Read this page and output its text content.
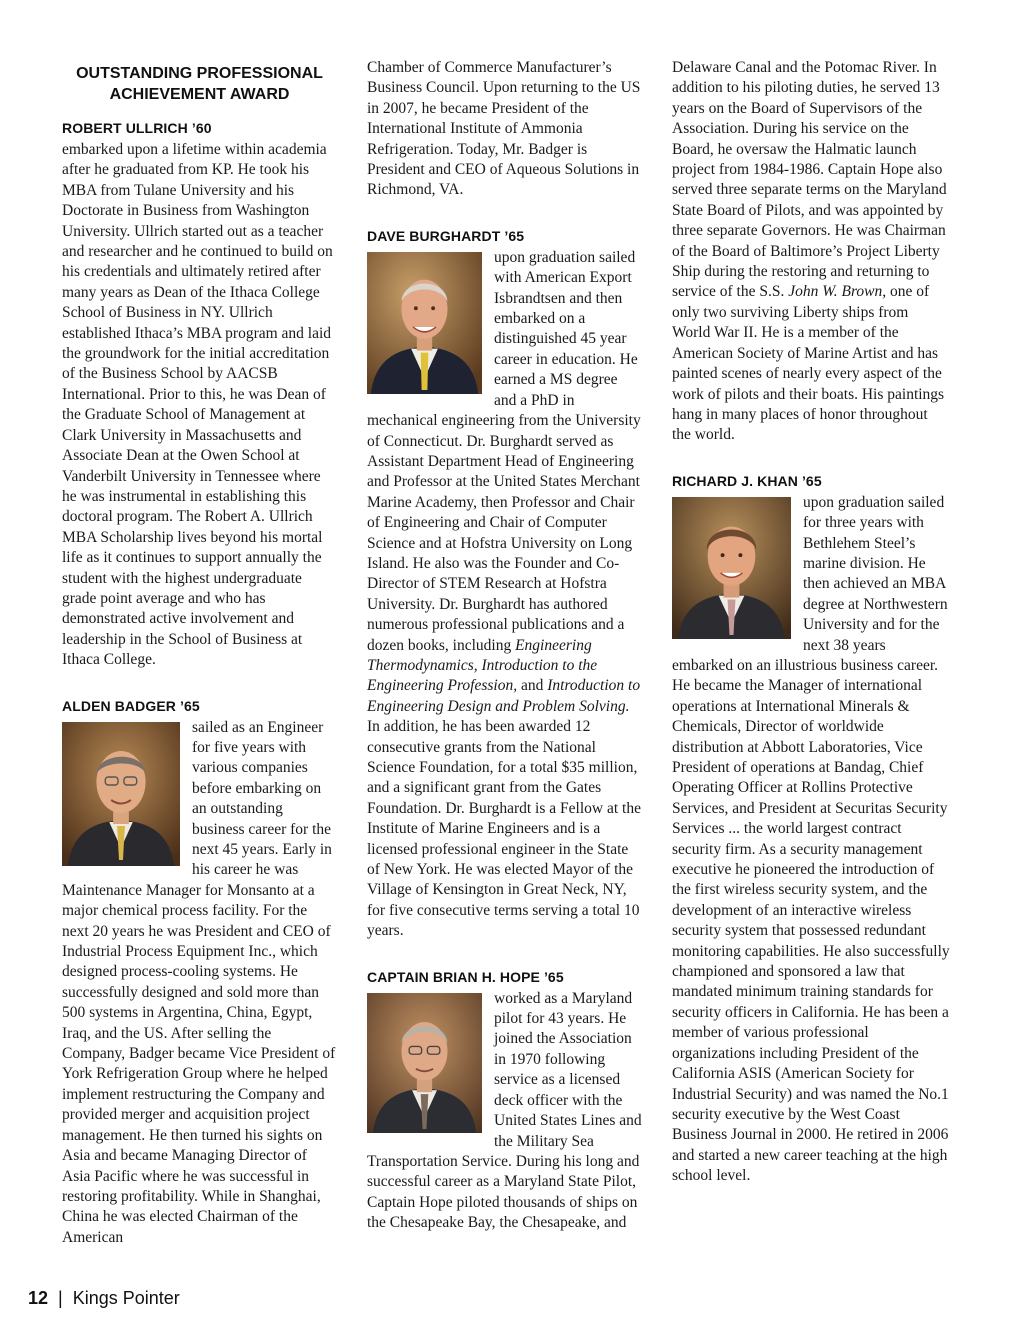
OUTSTANDING PROFESSIONAL ACHIEVEMENT AWARD
ROBERT ULLRICH ’60

embarked upon a lifetime within academia after he graduated from KP. He took his MBA from Tulane University and his Doctorate in Business from Washington University. Ullrich started out as a teacher and researcher and he continued to build on his credentials and ultimately retired after many years as Dean of the Ithaca College School of Business in NY. Ullrich established Ithaca’s MBA program and laid the groundwork for the initial accreditation of the Business School by AACSB International. Prior to this, he was Dean of the Graduate School of Management at Clark University in Massachusetts and Associate Dean at the Owen School at Vanderbilt University in Tennessee where he was instrumental in establishing this doctoral program. The Robert A. Ullrich MBA Scholarship lives beyond his mortal life as it continues to support annually the student with the highest undergraduate grade point average and who has demonstrated active involvement and leadership in the School of Business at Ithaca College.

ALDEN BADGER ’65

sailed as an Engineer for five years with various companies before embarking on an outstanding business career for the next 45 years. Early in his career he was Maintenance Manager for Monsanto at a major chemical process facility. For the next 20 years he was President and CEO of Industrial Process Equipment Inc., which designed process-cooling systems. He successfully designed and sold more than 500 systems in Argentina, China, Egypt, Iraq, and the US. After selling the Company, Badger became Vice President of York Refrigeration Group where he helped implement restructuring the Company and provided merger and acquisition project management. He then turned his sights on Asia and became Managing Director of Asia Pacific where he was successful in restoring profitability. While in Shanghai, China he was elected Chairman of the American

Chamber of Commerce Manufacturer’s Business Council. Upon returning to the US in 2007, he became President of the International Institute of Ammonia Refrigeration. Today, Mr. Badger is President and CEO of Aqueous Solutions in Richmond, VA.

DAVE BURGHARDT ’65

upon graduation sailed with American Export Isbrandtsen and then embarked on a distinguished 45 year career in education. He earned a MS degree and a PhD in mechanical engineering from the University of Connecticut. Dr. Burghardt served as Assistant Department Head of Engineering and Professor at the United States Merchant Marine Academy, then Professor and Chair of Engineering and Chair of Computer Science and at Hofstra University on Long Island. He also was the Founder and Co-Director of STEM Research at Hofstra University. Dr. Burghardt has authored numerous professional publications and a dozen books, including Engineering Thermodynamics, Introduction to the Engineering Profession, and Introduction to Engineering Design and Problem Solving. In addition, he has been awarded 12 consecutive grants from the National Science Foundation, for a total $35 million, and a significant grant from the Gates Foundation. Dr. Burghardt is a Fellow at the Institute of Marine Engineers and is a licensed professional engineer in the State of New York. He was elected Mayor of the Village of Kensington in Great Neck, NY, for five consecutive terms serving a total 10 years.

CAPTAIN BRIAN H. HOPE ’65

worked as a Maryland pilot for 43 years. He joined the Association in 1970 following service as a licensed deck officer with the United States Lines and the Military Sea Transportation Service. During his long and successful career as a Maryland State Pilot, Captain Hope piloted thousands of ships on the Chesapeake Bay, the Chesapeake, and

Delaware Canal and the Potomac River. In addition to his piloting duties, he served 13 years on the Board of Supervisors of the Association. During his service on the Board, he oversaw the Halmatic launch project from 1984-1986. Captain Hope also served three separate terms on the Maryland State Board of Pilots, and was appointed by three separate Governors. He was Chairman of the Board of Baltimore’s Project Liberty Ship during the restoring and returning to service of the S.S. John W. Brown, one of only two surviving Liberty ships from World War II. He is a member of the American Society of Marine Artist and has painted scenes of nearly every aspect of the work of pilots and their boats. His paintings hang in many places of honor throughout the world.

RICHARD J. KHAN ’65

upon graduation sailed for three years with Bethlehem Steel’s marine division. He then achieved an MBA degree at Northwestern University and for the next 38 years embarked on an illustrious business career. He became the Manager of international operations at International Minerals & Chemicals, Director of worldwide distribution at Abbott Laboratories, Vice President of operations at Bandag, Chief Operating Officer at Rollins Protective Services, and President at Securitas Security Services ... the world largest contract security firm. As a security management executive he pioneered the introduction of the first wireless security system, and the development of an interactive wireless security system that possessed redundant monitoring capabilities. He also successfully championed and sponsored a law that mandated minimum training standards for security officers in California. He has been a member of various professional organizations including President of the California ASIS (American Society for Industrial Security) and was named the No.1 security executive by the West Coast Business Journal in 2000. He retired in 2006 and started a new career teaching at the high school level.

12 | Kings Pointer
